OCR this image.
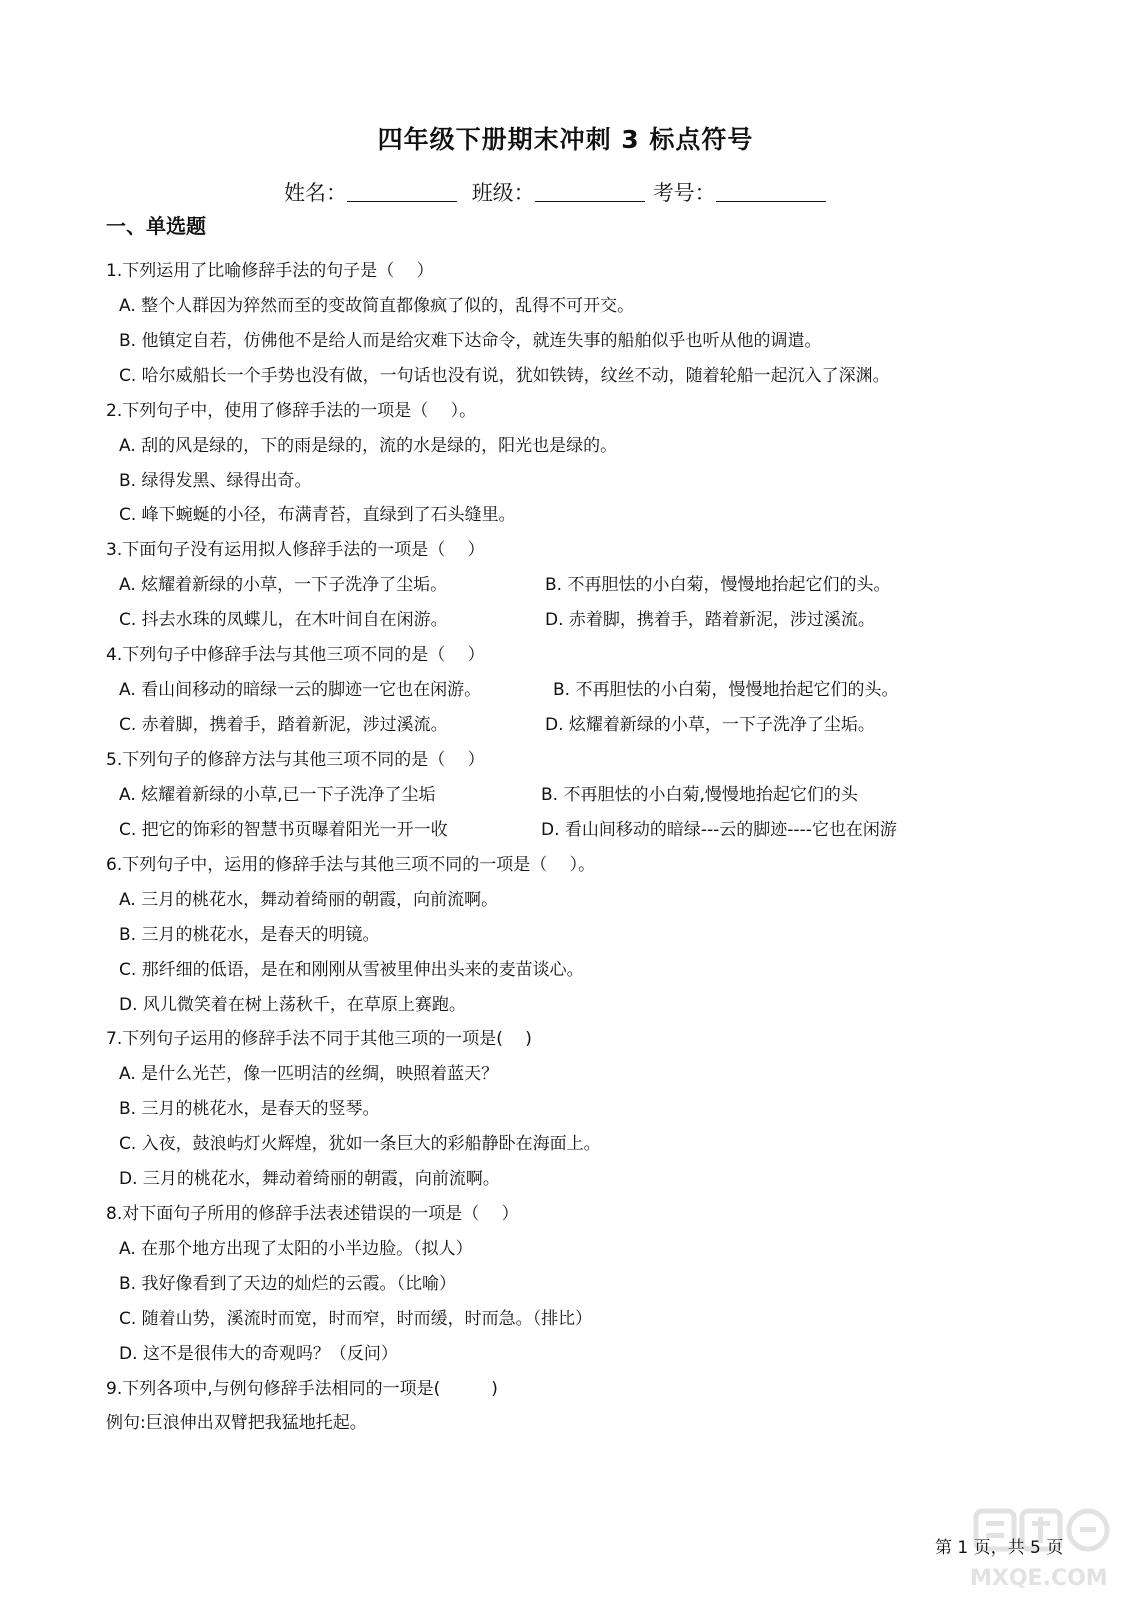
四年级下册期末冲刺 3 标点符号
姓名：	班级：	考号：
一、单选题
1.下列运用了比喻修辞手法的句子是（　 ）
A. 整个人群因为猝然而至的变故简直都像疯了似的，乱得不可开交。
B. 他镇定自若，仿佛他不是给人而是给灾难下达命令，就连失事的船舶似乎也听从他的调遣。
C. 哈尔威船长一个手势也没有做，一句话也没有说，犹如铁铸，纹丝不动，随着轮船一起沉入了深渊。
2.下列句子中，使用了修辞手法的一项是（　 ）。
A. 刮的风是绿的，下的雨是绿的，流的水是绿的，阳光也是绿的。
B. 绿得发黑、绿得出奇。
C. 峰下蜿蜒的小径，布满青苔，直绿到了石头缝里。
3.下面句子没有运用拟人修辞手法的一项是（　 ）
A. 炫耀着新绿的小草，一下子洗净了尘垢。	B. 不再胆怯的小白菊，慢慢地抬起它们的头。
C. 抖去水珠的凤蝶儿，在木叶间自在闲游。	D. 赤着脚，携着手，踏着新泥，涉过溪流。
4.下列句子中修辞手法与其他三项不同的是（　 ）
A. 看山间移动的暗绿一云的脚迹一它也在闲游。	B. 不再胆怯的小白菊，慢慢地抬起它们的头。
C. 赤着脚，携着手，踏着新泥，涉过溪流。	D. 炫耀着新绿的小草，一下子洗净了尘垢。
5.下列句子的修辞方法与其他三项不同的是（　 ）
A. 炫耀着新绿的小草,已一下子洗净了尘垢	B. 不再胆怯的小白菊,慢慢地抬起它们的头
C. 把它的饰彩的智慧书页曝着阳光一开一收	D. 看山间移动的暗绿---云的脚迹----它也在闲游
6.下列句子中，运用的修辞手法与其他三项不同的一项是（　 ）。
A. 三月的桃花水，舞动着绮丽的朝霞，向前流啊。
B. 三月的桃花水，是春天的明镜。
C. 那纤细的低语，是在和刚刚从雪被里伸出头来的麦苗谈心。
D. 风儿微笑着在树上荡秋千，在草原上赛跑。
7.下列句子运用的修辞手法不同于其他三项的一项是(　 )
A. 是什么光芒，像一匹明洁的丝绸，映照着蓝天？
B. 三月的桃花水，是春天的竖琴。
C. 入夜，鼓浪屿灯火辉煌，犹如一条巨大的彩船静卧在海面上。
D. 三月的桃花水，舞动着绮丽的朝霞，向前流啊。
8.对下面句子所用的修辞手法表述错误的一项是（　 ）
A. 在那个地方出现了太阳的小半边脸。（拟人）
B. 我好像看到了天边的灿烂的云霞。（比喻）
C. 随着山势，溪流时而宽，时而窄，时而缓，时而急。（排比）
D. 这不是很伟大的奇观吗？（反问）
9.下列各项中,与例句修辞手法相同的一项是(　　　)
例句:巨浪伸出双臂把我猛地托起。
MXQE.COM
第 1 页，共 5 页
